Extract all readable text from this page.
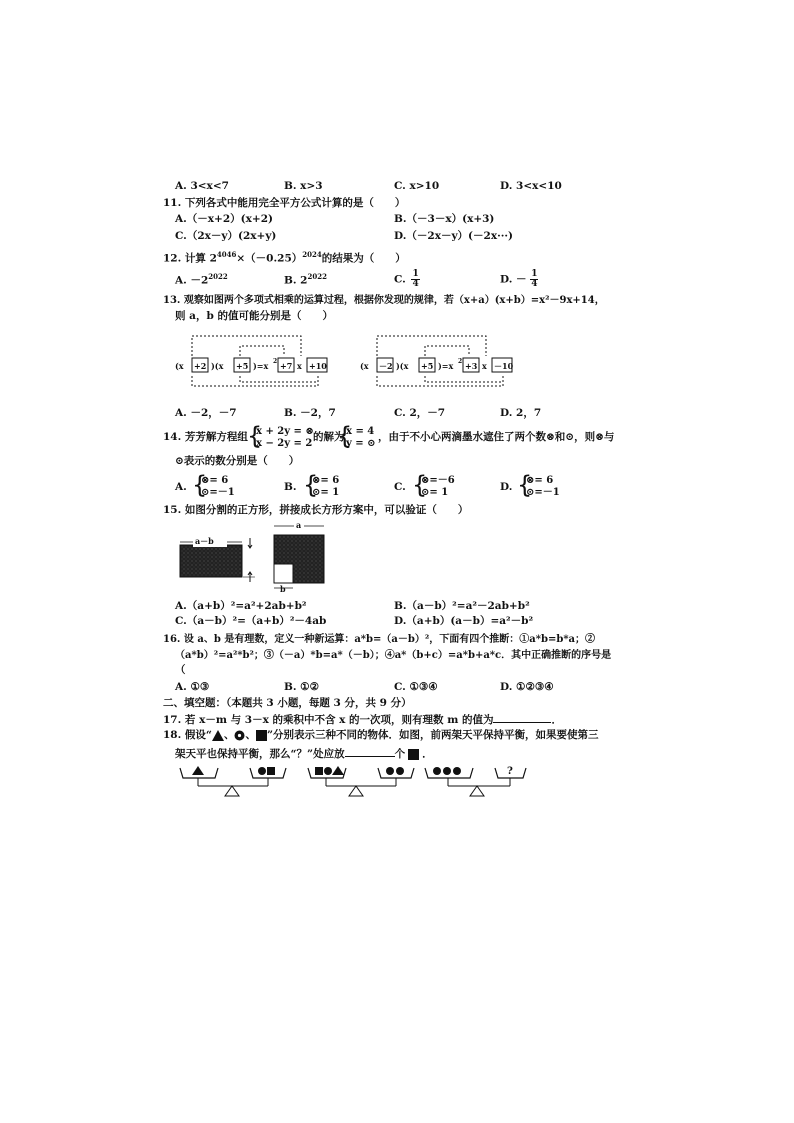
A. 3<x<7	B. x>3	C. x>10	D. 3<x<10
11. 下列各式中能用完全平方公式计算的是（　　）
A.（－x+2）(x+2)	B.（－3－x）(x+3)
C.（2x－y）(2x+y)	D.（－2x－y）(－2x···)
12. 计算 $2^{4046}\times(-0.25)^{2024}$的结果为（　　）
A. $-2^{2022}$	B. $2^{2022}$	C. $\frac{1}{4}$	D. － $\frac{1}{4}$
13. 观察如图两个多项式相乘的运算过程，根据你发现的规律，若（x+a）(x+b）=x²－9x+14，
则 a，b 的值可能分别是（　　）
(x +2 )(x +5 )=x 2 +7 x +10	(x －2 )(x +5 )=x 2 +3 x －10
A. －2，－7	B. －2，7	C. 2，－7	D. 2，7
14. 芳芳解方程组 {
x + 2y = ⊗
x − 2y = 2
的解为
{
x = 4
y = ⊙
，由于不小心两滴墨水遮住了两个数⊗和⊙，则⊗与
⊙表示的数分别是（　　）
A. {
⊗= 6
⊙=－1	B. {
⊗= 6
⊙= 1	C. {
⊗=－6
⊙= 1	D. {
⊗= 6
⊙=－1
15. 如图分割的正方形，拼接成长方形方案中，可以验证（　　）
a－b
a
b
A.（a+b）²=a²+2ab+b²	B.（a－b）²=a²－2ab+b²
C.（a－b）²=（a+b）²－4ab	D.（a+b）(a－b）=a²－b²
16. 设 a、b 是有理数，定义一种新运算：a*b=（a－b）²，下面有四个推断：①a*b=b*a；②
（a*b）²=a²*b²；③（－a）*b=a*（－b）；④a*（b+c）=a*b+a*c．其中正确推断的序号是
（
A. ①③	B. ①②	C. ①③④	D. ①②③④
二、填空题：（本题共 3 小题，每题 3 分，共 9 分）
17. 若 x－m 与 3－x 的乘积中不含 x 的一次项，则有理数 m 的值为	．
18. 假设“ 、 、 ”分别表示三种不同的物体．如图，前两架天平保持平衡，如果要使第三
架天平也保持平衡，那么“？”处应放	个 ．
?
